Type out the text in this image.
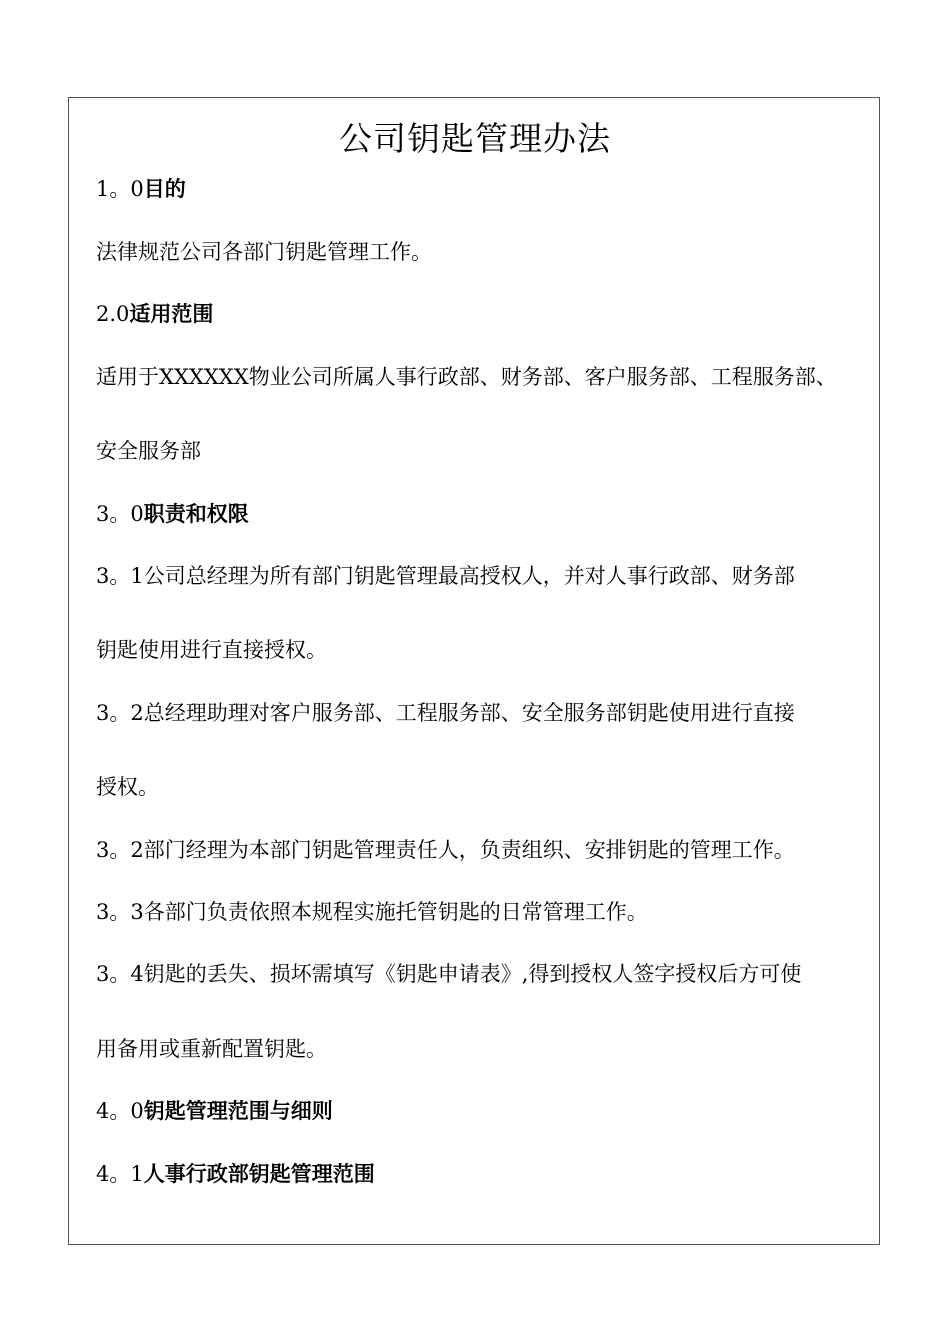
公司钥匙管理办法
1。0目的
法律规范公司各部门钥匙管理工作。
2.0适用范围
适用于XXXXXX物业公司所属人事行政部、财务部、客户服务部、工程服务部、
安全服务部
3。0职责和权限
3。1公司总经理为所有部门钥匙管理最高授权人，并对人事行政部、财务部
钥匙使用进行直接授权。
3。2总经理助理对客户服务部、工程服务部、安全服务部钥匙使用进行直接
授权。
3。2部门经理为本部门钥匙管理责任人，负责组织、安排钥匙的管理工作。
3。3各部门负责依照本规程实施托管钥匙的日常管理工作。
3。4钥匙的丢失、损坏需填写《钥匙申请表》,得到授权人签字授权后方可使
用备用或重新配置钥匙。
4。0钥匙管理范围与细则
4。1人事行政部钥匙管理范围
